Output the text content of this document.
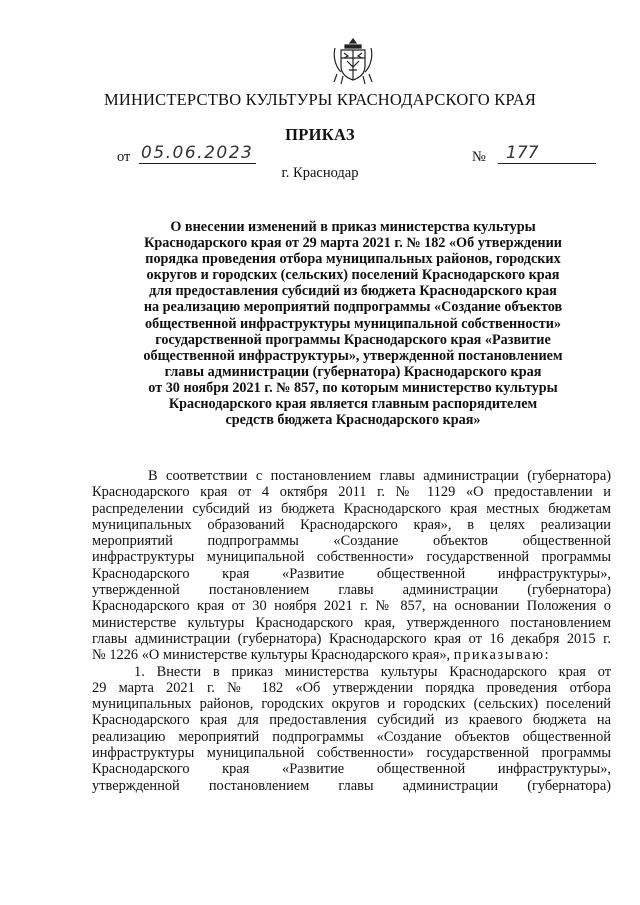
МИНИСТЕРСТВО КУЛЬТУРЫ КРАСНОДАРСКОГО КРАЯ
ПРИКАЗ
от 05.06.2023	№	177
г. Краснодар
О внесении изменений в приказ министерства культуры
Краснодарского края от 29 марта 2021 г. № 182 «Об утверждении
порядка проведения отбора муниципальных районов, городских
округов и городских (сельских) поселений Краснодарского края
для предоставления субсидий из бюджета Краснодарского края
на реализацию мероприятий подпрограммы «Создание объектов
общественной инфраструктуры муниципальной собственности»
государственной программы Краснодарского края «Развитие
общественной инфраструктуры», утвержденной постановлением
главы администрации (губернатора) Краснодарского края
от 30 ноября 2021 г. № 857, по которым министерство культуры
Краснодарского края является главным распорядителем
средств бюджета Краснодарского края»
В соответствии с постановлением главы администрации (губернатора)
Краснодарского края от 4 октября 2011 г. № 1129 «О предоставлении и
распределении субсидий из бюджета Краснодарского края местных бюджетам
муниципальных образований Краснодарского края», в целях реализации
мероприятий подпрограммы «Создание объектов общественной
инфраструктуры муниципальной собственности» государственной программы
Краснодарского края «Развитие общественной инфраструктуры»,
утвержденной постановлением главы администрации (губернатора)
Краснодарского края от 30 ноября 2021 г. № 857, на основании Положения о
министерстве культуры Краснодарского края, утвержденного постановлением
главы администрации (губернатора) Краснодарского края от 16 декабря 2015 г.
№ 1226 «О министерстве культуры Краснодарского края», приказываю:
1. Внести в приказ министерства культуры Краснодарского края от
29 марта 2021 г. № 182 «Об утверждении порядка проведения отбора
муниципальных районов, городских округов и городских (сельских) поселений
Краснодарского края для предоставления субсидий из краевого бюджета на
реализацию мероприятий подпрограммы «Создание объектов общественной
инфраструктуры муниципальной собственности» государственной программы
Краснодарского края «Развитие общественной инфраструктуры»,
утвержденной постановлением главы администрации (губернатора)
